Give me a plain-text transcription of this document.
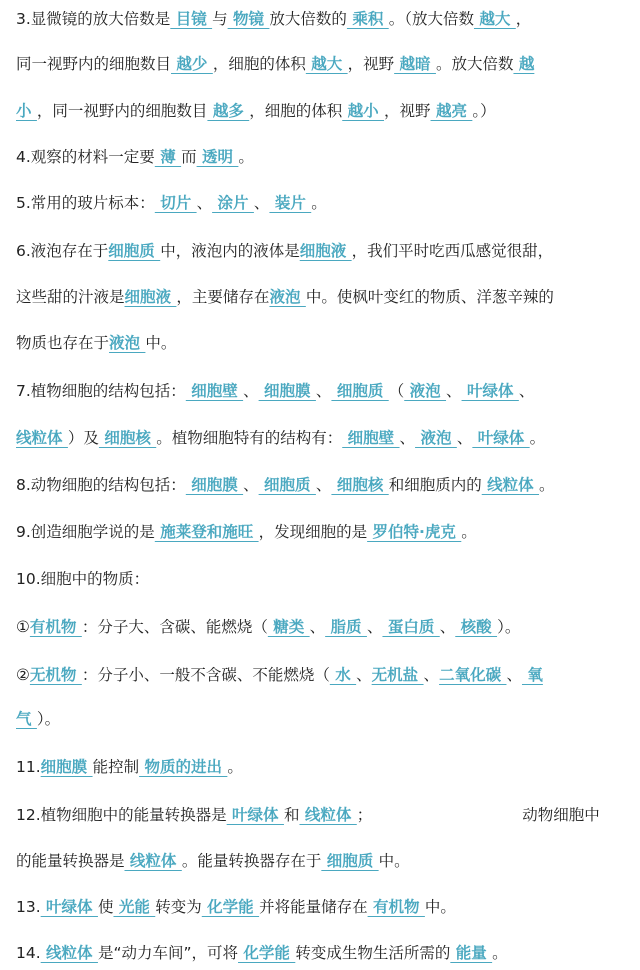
3.显微镜的放大倍数是 目镜 与 物镜 放大倍数的 乘积 。（放大倍数 越大 ，
同一视野内的细胞数目 越少 ，细胞的体积 越大 ，视野 越暗 。放大倍数 越
小 ，同一视野内的细胞数目 越多 ，细胞的体积 越小 ，视野 越亮 。）
4.观察的材料一定要 薄 而 透明 。
5.常用的玻片标本： 切片 、 涂片 、 装片 。
6.液泡存在于细胞质 中，液泡内的液体是细胞液 ，我们平时吃西瓜感觉很甜，
这些甜的汁液是细胞液 ，主要储存在液泡 中。使枫叶变红的物质、洋葱辛辣的
物质也存在于液泡 中。
7.植物细胞的结构包括： 细胞壁 、 细胞膜 、 细胞质 （ 液泡 、 叶绿体 、
线粒体 ）及 细胞核 。植物细胞特有的结构有： 细胞壁 、 液泡 、 叶绿体 。
8.动物细胞的结构包括： 细胞膜 、 细胞质 、 细胞核 和细胞质内的 线粒体 。
9.创造细胞学说的是 施莱登和施旺 ，发现细胞的是 罗伯特·虎克 。
10.细胞中的物质：
①有机物 ：分子大、含碳、能燃烧（ 糖类 、 脂质 、 蛋白质 、 核酸 ）。
②无机物 ：分子小、一般不含碳、不能燃烧（ 水 、无机盐 、二氧化碳 、 氧
气 ）。
11.细胞膜 能控制 物质的进出 。
12.植物细胞中的能量转换器是 叶绿体 和 线粒体 ；	动物细胞中
的能量转换器是 线粒体 。能量转换器存在于 细胞质 中。
13. 叶绿体 使 光能 转变为 化学能 并将能量储存在 有机物 中。
14. 线粒体 是“动力车间”，可将 化学能 转变成生物生活所需的 能量 。
